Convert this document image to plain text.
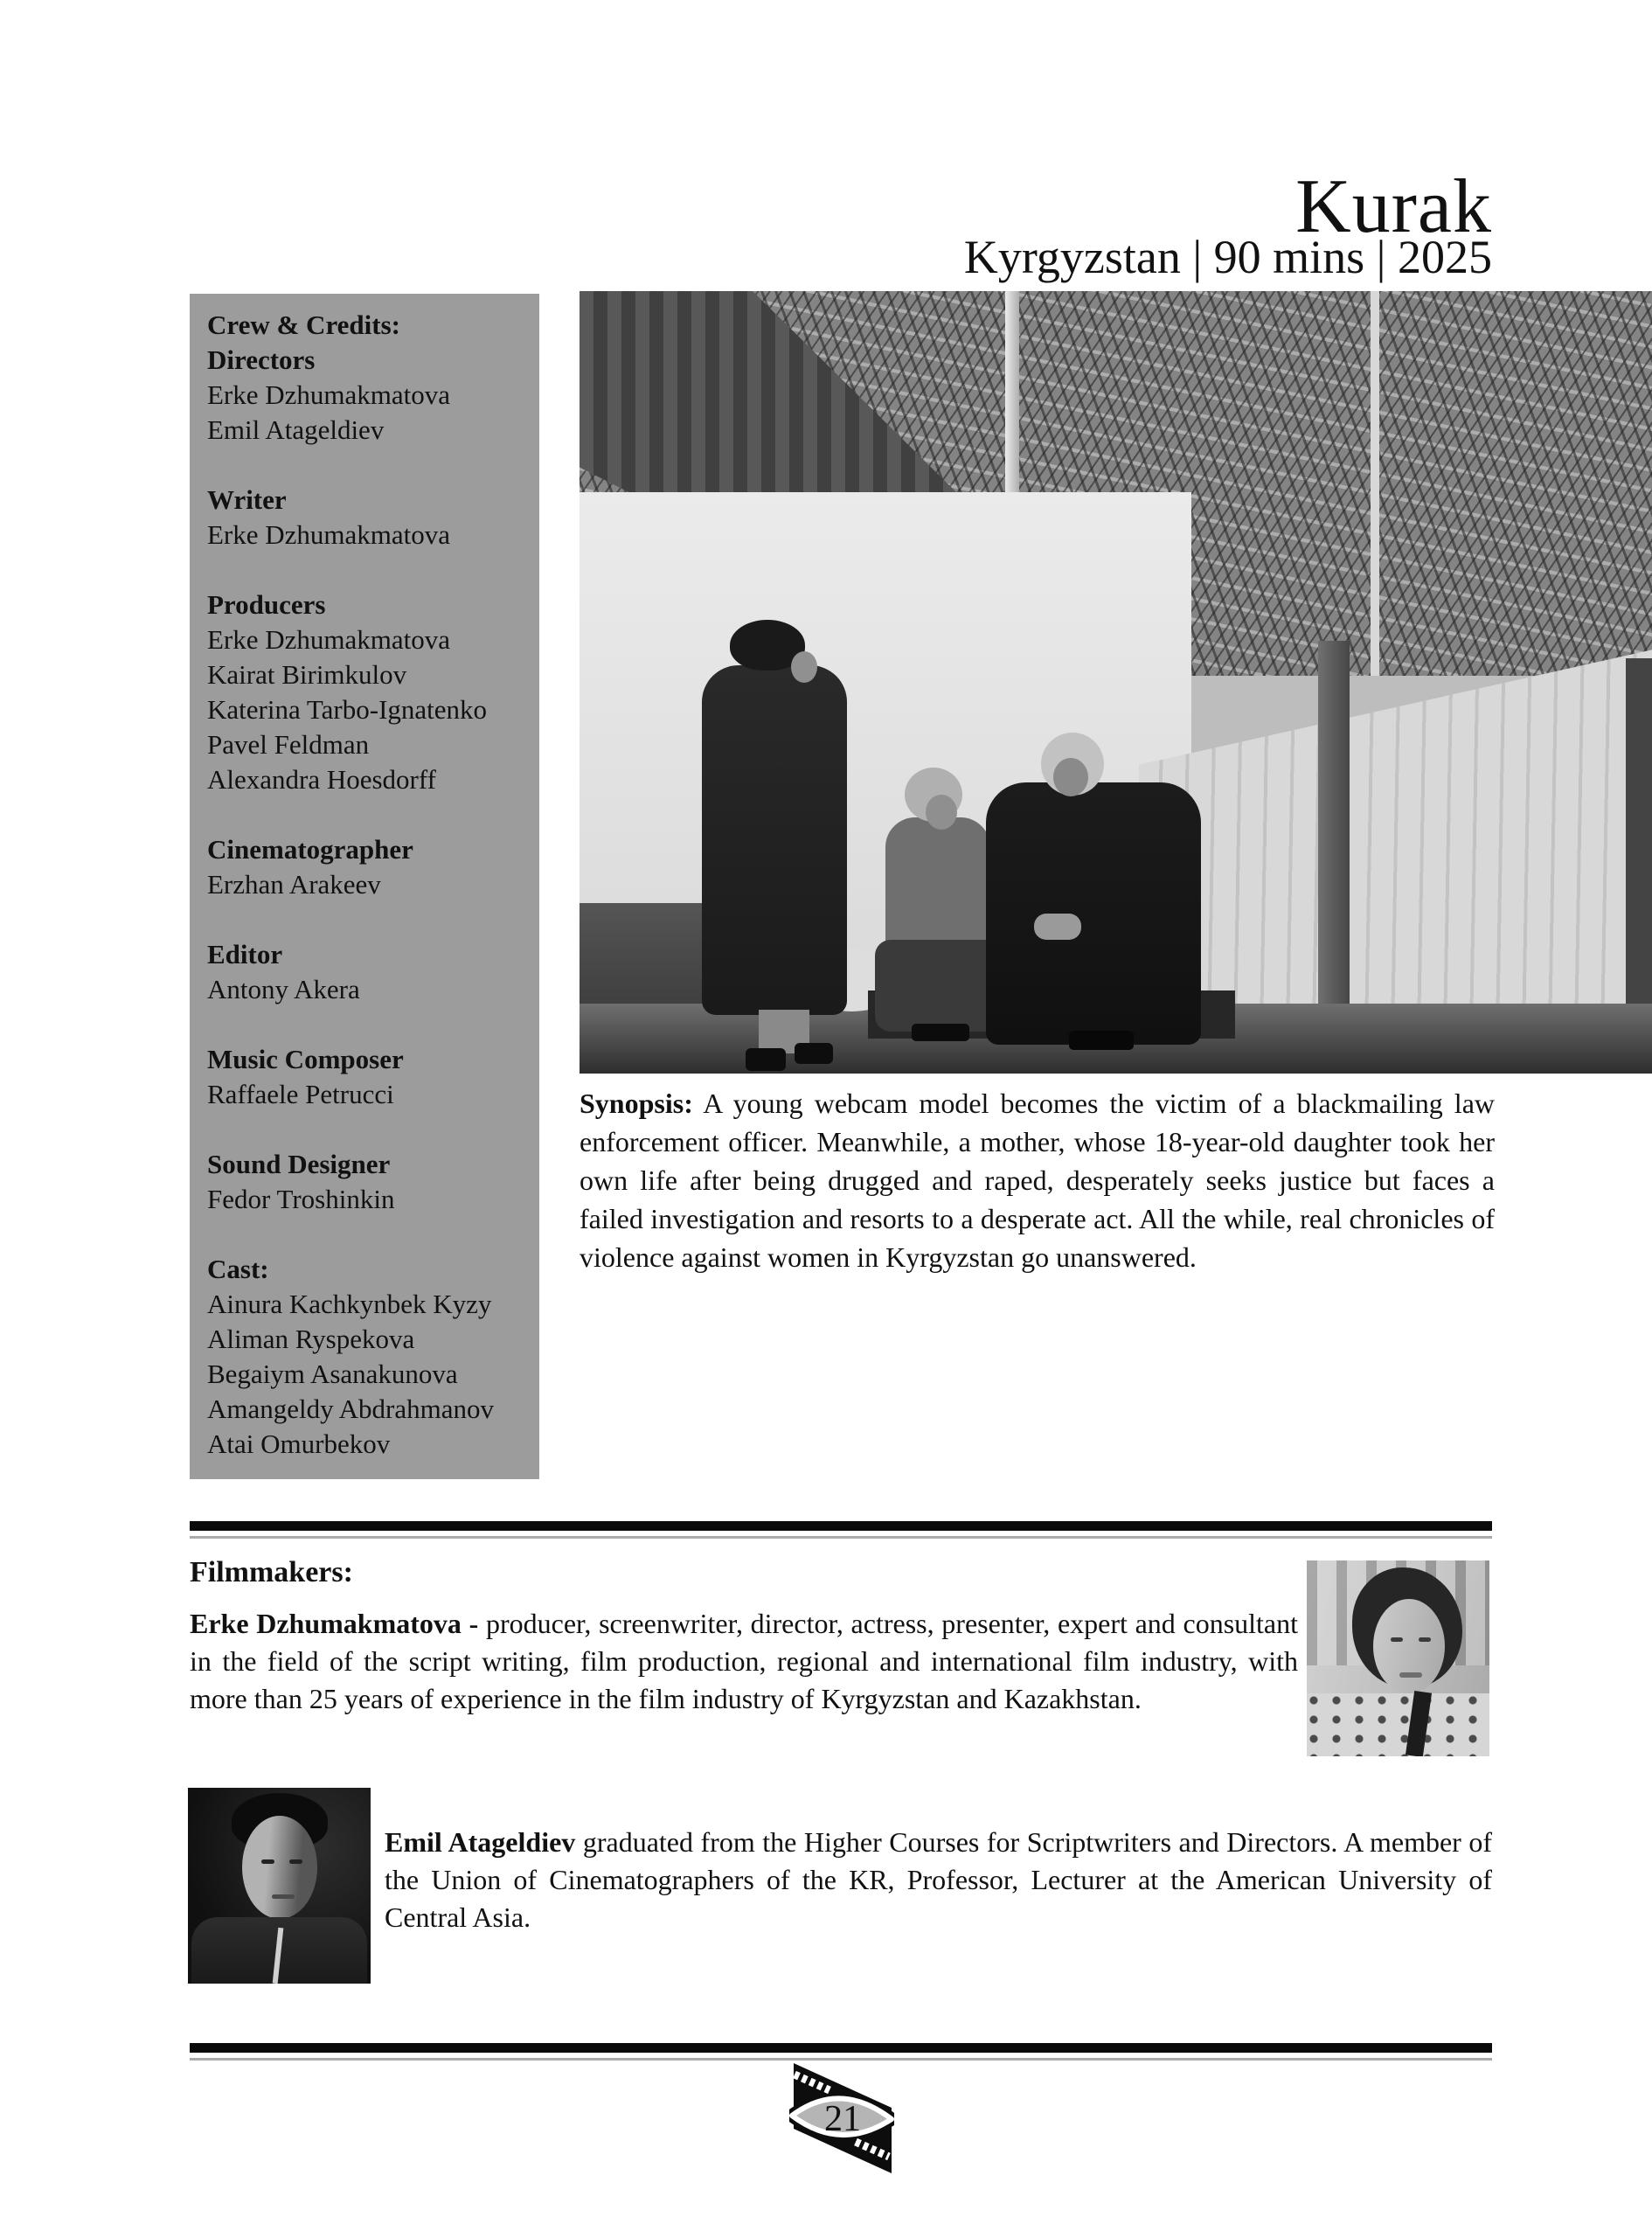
Kurak
Kyrgyzstan | 90 mins | 2025
Crew & Credits:
Directors
Erke Dzhumakmatova
Emil Atageldiev
Writer
Erke Dzhumakmatova
Producers
Erke Dzhumakmatova
Kairat Birimkulov
Katerina Tarbo-Ignatenko
Pavel Feldman
Alexandra Hoesdorff
Cinematographer
Erzhan Arakeev
Editor
Antony Akera
Music Composer
Raffaele Petrucci
Sound Designer
Fedor Troshinkin
Cast:
Ainura Kachkynbek Kyzy
Aliman Ryspekova
Begaiym Asanakunova
Amangeldy Abdrahmanov
Atai Omurbekov

Synopsis: A young webcam model becomes the victim of a blackmailing law enforcement officer. Meanwhile, a mother, whose 18-year-old daughter took her own life after being drugged and raped, desperately seeks justice but faces a failed investigation and resorts to a desperate act. All the while, real chronicles of violence against women in Kyrgyzstan go unanswered.

Filmmakers:

Erke Dzhumakmatova - producer, screenwriter, director, actress, presenter, expert and consultant in the field of the script writing, film production, regional and international film industry, with more than 25 years of experience in the film industry of Kyrgyzstan and Kazakhstan.

Emil Atageldiev graduated from the Higher Courses for Scriptwriters and Directors. A member of the Union of Cinematographers of the KR, Professor, Lecturer at the American University of Central Asia.

21
